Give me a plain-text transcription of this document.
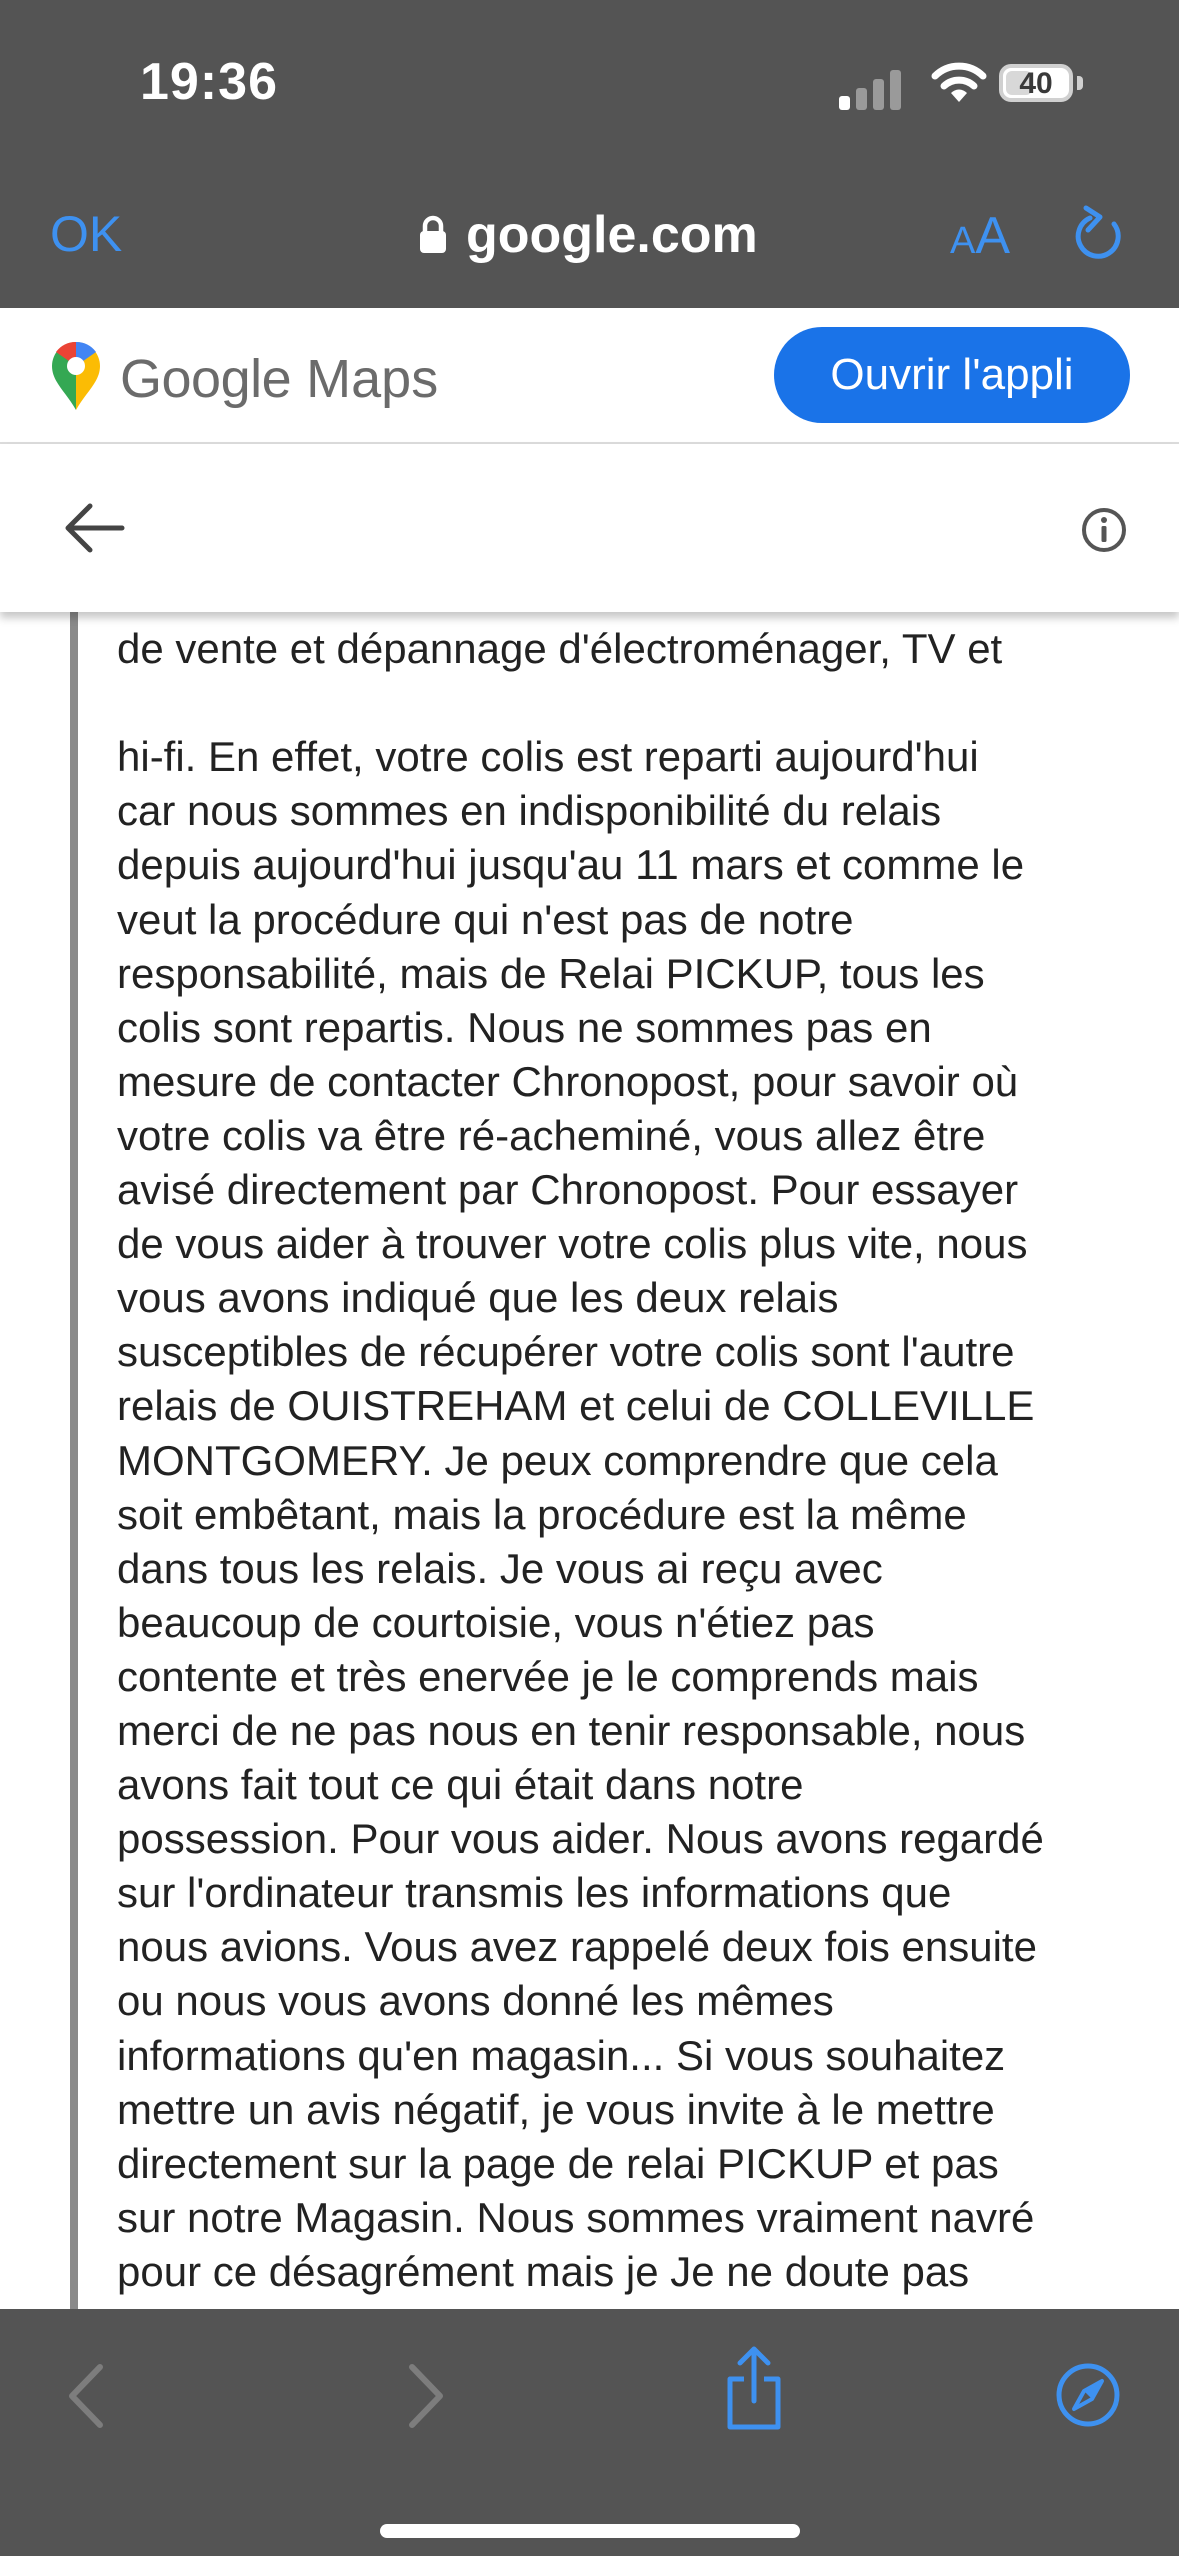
19:36	40
OK	google.com	AA
Google Maps	Ouvrir l'appli

de vente et dépannage d'électroménager, TV et

hi-fi. En effet, votre colis est reparti aujourd'hui
car nous sommes en indisponibilité du relais
depuis aujourd'hui jusqu'au 11 mars et comme le
veut la procédure qui n'est pas de notre
responsabilité, mais de Relai PICKUP, tous les
colis sont repartis. Nous ne sommes pas en
mesure de contacter Chronopost, pour savoir où
votre colis va être ré-acheminé, vous allez être
avisé directement par Chronopost. Pour essayer
de vous aider à trouver votre colis plus vite, nous
vous avons indiqué que les deux relais
susceptibles de récupérer votre colis sont l'autre
relais de OUISTREHAM et celui de COLLEVILLE
MONTGOMERY. Je peux comprendre que cela
soit embêtant, mais la procédure est la même
dans tous les relais. Je vous ai reçu avec
beaucoup de courtoisie, vous n'étiez pas
contente et très enervée je le comprends mais
merci de ne pas nous en tenir responsable, nous
avons fait tout ce qui était dans notre
possession. Pour vous aider. Nous avons regardé
sur l'ordinateur transmis les informations que
nous avions. Vous avez rappelé deux fois ensuite
ou nous vous avons donné les mêmes
informations qu'en magasin... Si vous souhaitez
mettre un avis négatif, je vous invite à le mettre
directement sur la page de relai PICKUP et pas
sur notre Magasin. Nous sommes vraiment navré
pour ce désagrément mais je Je ne doute pas
